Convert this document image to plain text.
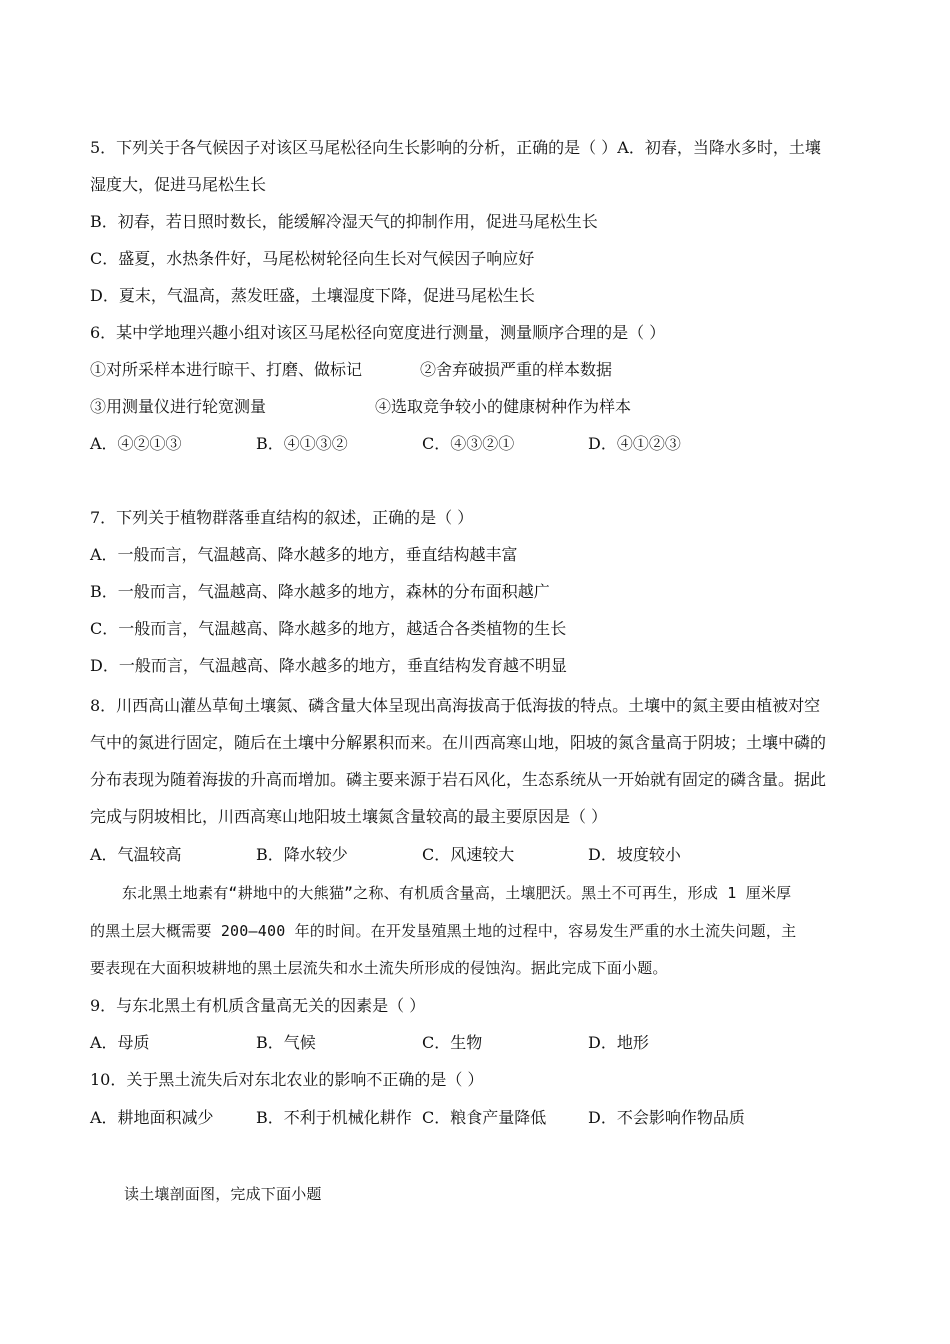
5．下列关于各气候因子对该区马尾松径向生长影响的分析，正确的是（ ）A．初春，当降水多时，土壤
湿度大，促进马尾松生长
B．初春，若日照时数长，能缓解冷湿天气的抑制作用，促进马尾松生长
C．盛夏，水热条件好，马尾松树轮径向生长对气候因子响应好
D．夏末，气温高，蒸发旺盛，土壤湿度下降，促进马尾松生长
6．某中学地理兴趣小组对该区马尾松径向宽度进行测量，测量顺序合理的是（ ）
①对所采样本进行晾干、打磨、做标记	②舍弃破损严重的样本数据
③用测量仪进行轮宽测量	④选取竞争较小的健康树种作为样本
A．④②①③	B．④①③②	C．④③②①	D．④①②③
7．下列关于植物群落垂直结构的叙述，正确的是（ ）
A．一般而言，气温越高、降水越多的地方，垂直结构越丰富
B．一般而言，气温越高、降水越多的地方，森林的分布面积越广
C．一般而言，气温越高、降水越多的地方，越适合各类植物的生长
D．一般而言，气温越高、降水越多的地方，垂直结构发育越不明显
8．川西高山灌丛草甸土壤氮、磷含量大体呈现出高海拔高于低海拔的特点。土壤中的氮主要由植被对空
气中的氮进行固定，随后在土壤中分解累积而来。在川西高寒山地，阳坡的氮含量高于阴坡；土壤中磷的
分布表现为随着海拔的升高而增加。磷主要来源于岩石风化，生态系统从一开始就有固定的磷含量。据此
完成与阴坡相比，川西高寒山地阳坡土壤氮含量较高的最主要原因是（ ）
A．气温较高	B．降水较少	C．风速较大	D．坡度较小
东北黑土地素有“耕地中的大熊猫”之称、有机质含量高，土壤肥沃。黑土不可再生，形成 1 厘米厚
的黑土层大概需要 200—400 年的时间。在开发垦殖黑土地的过程中，容易发生严重的水土流失问题，主
要表现在大面积坡耕地的黑土层流失和水土流失所形成的侵蚀沟。据此完成下面小题。
9．与东北黑土有机质含量高无关的因素是（ ）
A．母质	B．气候	C．生物	D．地形
10．关于黑土流失后对东北农业的影响不正确的是（ ）
A．耕地面积减少	B．不利于机械化耕作 C．粮食产量降低	D．不会影响作物品质
读土壤剖面图，完成下面小题
